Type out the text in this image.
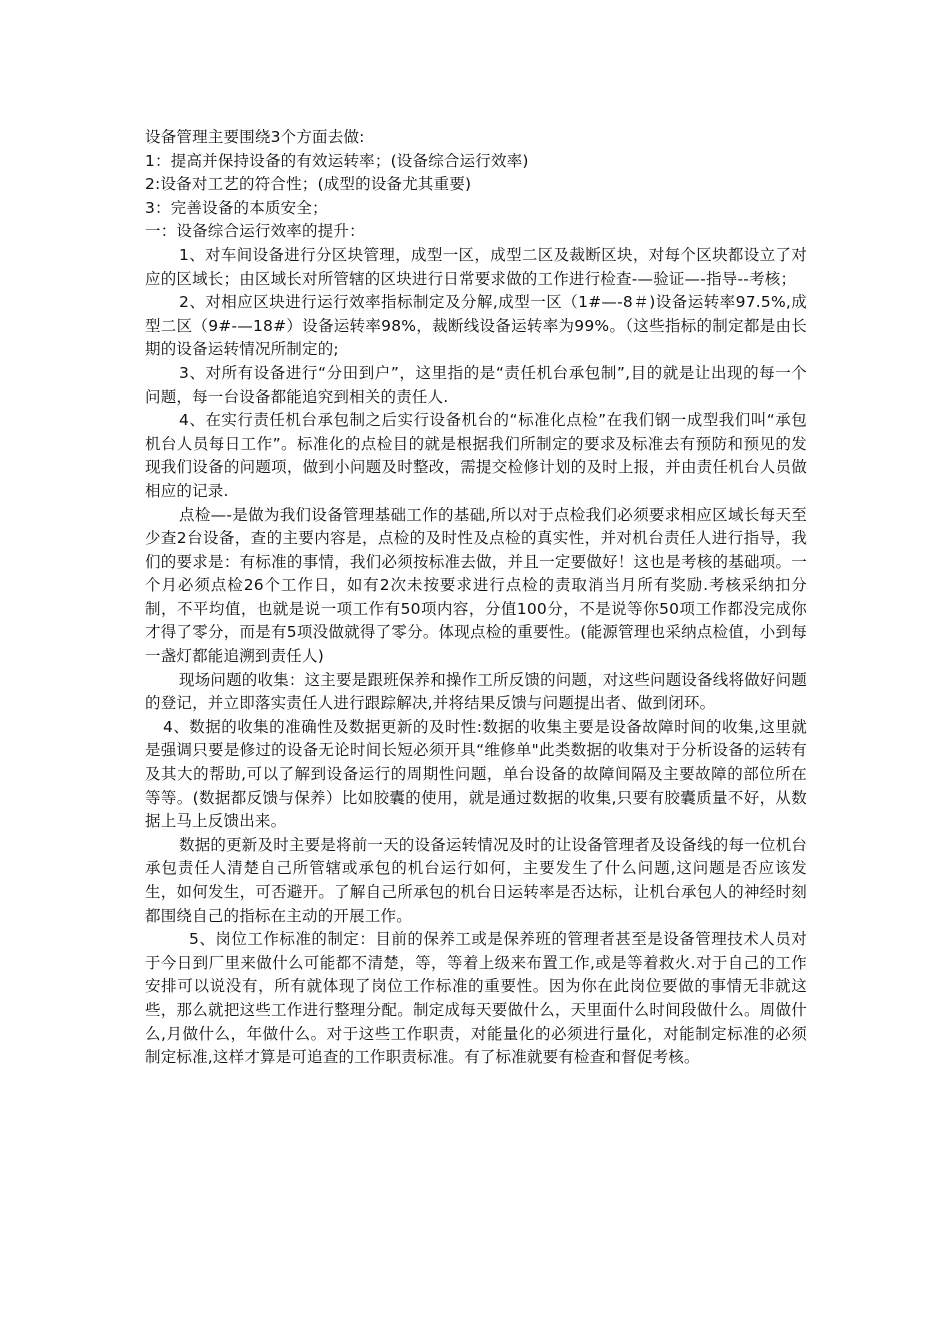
设备管理主要围绕3个方面去做:

1：提高并保持设备的有效运转率；(设备综合运行效率)

2:设备对工艺的符合性；(成型的设备尤其重要)

3：完善设备的本质安全；

一：设备综合运行效率的提升：

1、对车间设备进行分区块管理，成型一区，成型二区及裁断区块，对每个区块都设立了对应的区域长；由区域长对所管辖的区块进行日常要求做的工作进行检查-—验证—-指导--考核；

2、对相应区块进行运行效率指标制定及分解,成型一区（1#—-8＃)设备运转率97.5%,成型二区（9#-—18#）设备运转率98%，裁断线设备运转率为99%。（这些指标的制定都是由长期的设备运转情况所制定的;

3、对所有设备进行“分田到户”，这里指的是“责任机台承包制”,目的就是让出现的每一个问题，每一台设备都能追究到相关的责任人.

4、在实行责任机台承包制之后实行设备机台的“标准化点检”在我们钢一成型我们叫“承包机台人员每日工作”。标准化的点检目的就是根据我们所制定的要求及标准去有预防和预见的发现我们设备的问题项，做到小问题及时整改，需提交检修计划的及时上报，并由责任机台人员做相应的记录.

点检—-是做为我们设备管理基础工作的基础,所以对于点检我们必须要求相应区域长每天至少查2台设备，查的主要内容是，点检的及时性及点检的真实性，并对机台责任人进行指导，我们的要求是：有标准的事情，我们必须按标准去做，并且一定要做好！这也是考核的基础项。一个月必须点检26个工作日，如有2次未按要求进行点检的责取消当月所有奖励.考核采纳扣分制，不平均值，也就是说一项工作有50项内容，分值100分，不是说等你50项工作都没完成你才得了零分，而是有5项没做就得了零分。体现点检的重要性。(能源管理也采纳点检值，小到每一盏灯都能追溯到责任人)

现场问题的收集：这主要是跟班保养和操作工所反馈的问题，对这些问题设备线将做好问题的登记，并立即落实责任人进行跟踪解决,并将结果反馈与问题提出者、做到闭环。

4、数据的收集的准确性及数据更新的及时性:数据的收集主要是设备故障时间的收集,这里就是强调只要是修过的设备无论时间长短必须开具“维修单"此类数据的收集对于分析设备的运转有及其大的帮助,可以了解到设备运行的周期性问题，单台设备的故障间隔及主要故障的部位所在等等。(数据都反馈与保养）比如胶囊的使用，就是通过数据的收集,只要有胶囊质量不好，从数据上马上反馈出来。

数据的更新及时主要是将前一天的设备运转情况及时的让设备管理者及设备线的每一位机台承包责任人清楚自己所管辖或承包的机台运行如何，主要发生了什么问题,这问题是否应该发生，如何发生，可否避开。了解自己所承包的机台日运转率是否达标，让机台承包人的神经时刻都围绕自己的指标在主动的开展工作。

5、岗位工作标准的制定：目前的保养工或是保养班的管理者甚至是设备管理技术人员对于今日到厂里来做什么可能都不清楚，等，等着上级来布置工作,或是等着救火.对于自己的工作安排可以说没有，所有就体现了岗位工作标准的重要性。因为你在此岗位要做的事情无非就这些，那么就把这些工作进行整理分配。制定成每天要做什么，天里面什么时间段做什么。周做什么,月做什么，年做什么。对于这些工作职责，对能量化的必须进行量化，对能制定标准的必须制定标准,这样才算是可追查的工作职责标准。有了标准就要有检查和督促考核。
